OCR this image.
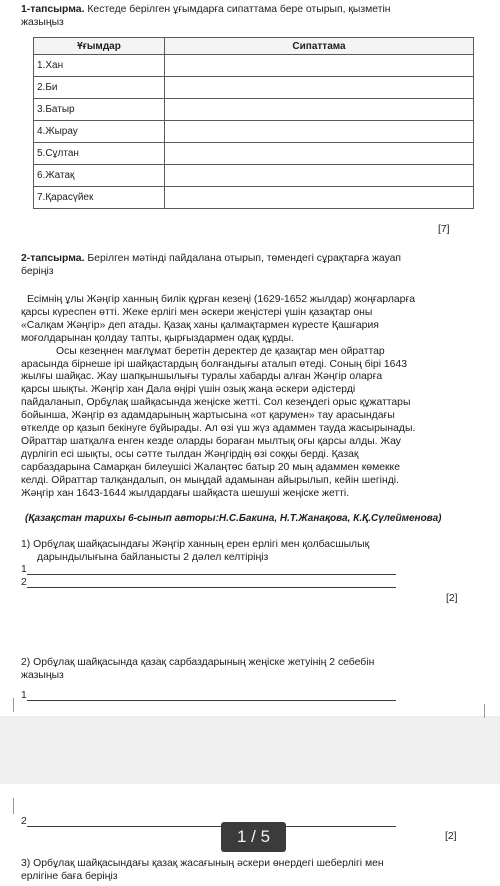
1-тапсырма. Кестеде берілген ұғымдарға сипаттама бере отырып, қызметін
жазыңыз
Ұғымдар	Сипаттама
1.Хан	
2.Би	
3.Батыр	
4.Жырау	
5.Сұлтан	
6.Жатақ	
7.Қарасүйек	
[7]
2-тапсырма. Берілген мәтінді пайдалана отырып, төмендегі сұрақтарға жауап
беріңіз
Есімнің ұлы Жәңгір ханның билік құрған кезеңі (1629-1652 жылдар) жоңғарларға
қарсы күреспен өтті. Жеке ерлігі мен әскери жеңістері үшін қазақтар оны
«Салқам Жәңгір» деп атады. Қазақ ханы қалмақтармен күресте Қашғария
моғолдарынан қолдау тапты, қырғыздармен одақ құрды.
Осы кезеңнен мағлұмат беретін деректер де қазақтар мен ойраттар
арасында бірнеше ірі шайқастардың болғандығы аталып өтеді. Соның бірі 1643
жылғы шайқас. Жау шапқыншылығы туралы хабарды алған Жәңгір оларға
қарсы шықты. Жәңгір хан Дала өңірі үшін озық жаңа әскери әдістерді
пайдаланып, Орбұлақ шайқасында жеңіске жетті. Сол кезеңдегі орыс құжаттары
бойынша, Жәңгір өз адамдарының жартысына «от қарумен» тау арасындағы
өткелде ор қазып бекінуге бұйырады. Ал өзі үш жүз адаммен тауда жасырынады.
Ойраттар шатқалға енген кезде оларды бораған мылтық оғы қарсы алды. Жау
дүрлігіп есі шықты, осы сәтте тылдан Жәңгірдің өзі соққы берді. Қазақ
сарбаздарына Самарқан билеушісі Жалаңтөс батыр 20 мың адаммен көмекке
келді. Ойраттар талқандалып, он мыңдай адамынан айырылып, кейін шегінді.
Жәңгір хан 1643-1644 жылдардағы шайқаста шешуші жеңіске жетті.
(Қазақстан тарихы 6-сынып авторы:Н.С.Бакина, Н.Т.Жанақова, К.Қ.Сүлейменова)
1) Орбұлақ шайқасындағы Жәңгір ханның ерен ерлігі мен қолбасшылық
дарындылығына байланысты 2 дәлел келтіріңіз
1
2
[2]
2) Орбұлақ шайқасында қазақ сарбаздарының жеңіске жетуінің 2 себебін
жазыңыз
1
2
[2]
3) Орбұлақ шайқасындағы қазақ жасағының әскери өнердегі шеберлігі мен
ерлігіне баға беріңіз
1 / 5
